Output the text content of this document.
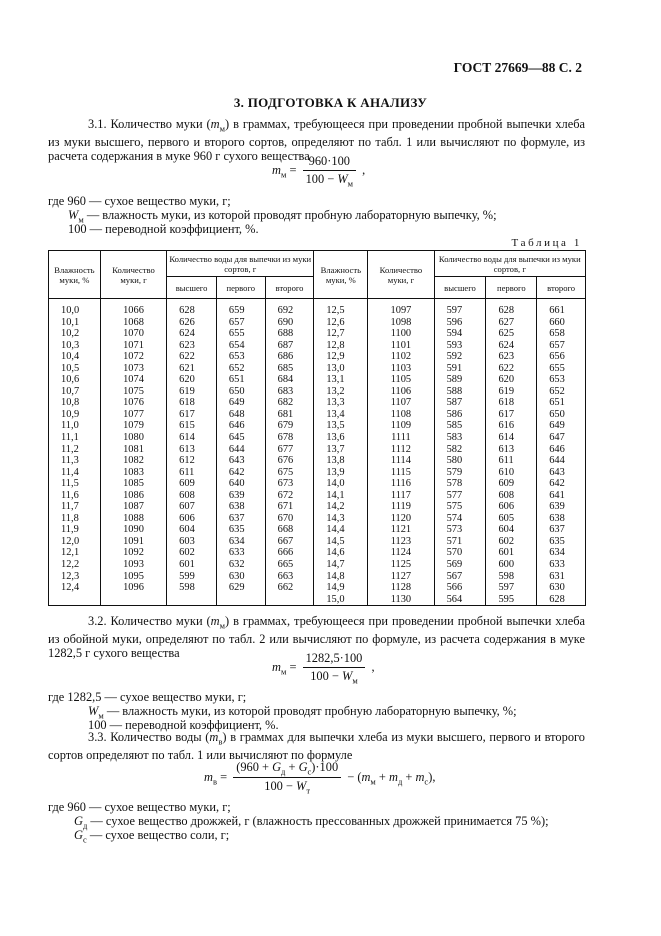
ГОСТ 27669—88 С. 2
3. ПОДГОТОВКА К АНАЛИЗУ
3.1. Количество муки $(m_м)$ в граммах, требующееся при проведении пробной выпечки хлеба из муки высшего, первого и второго сортов, определяют по табл. 1 или вычисляют по формуле, из расчета содержания в муке 960 г сухого вещества
$m_м = \frac{960\cdot 100}{100 - W_м}$ ,
где 960 — сухое вещество муки, г;
$W_м$ — влажность муки, из которой проводят пробную лабораторную выпечку, %;
100 — переводной коэффициент, %.
Таблица 1
Влажность муки, %	Количество муки, г	Количество воды для выпечки из муки сортов, г			Влажность муки, %	Количество муки, г	Количество воды для выпечки из муки сортов, г		
		высшего	первого	второго			высшего	первого	второго
10,0	1066	628	659	692	12,5	1097	597	628	661
10,1	1068	626	657	690	12,6	1098	596	627	660
10,2	1070	624	655	688	12,7	1100	594	625	658
10,3	1071	623	654	687	12,8	1101	593	624	657
10,4	1072	622	653	686	12,9	1102	592	623	656
10,5	1073	621	652	685	13,0	1103	591	622	655
10,6	1074	620	651	684	13,1	1105	589	620	653
10,7	1075	619	650	683	13,2	1106	588	619	652
10,8	1076	618	649	682	13,3	1107	587	618	651
10,9	1077	617	648	681	13,4	1108	586	617	650
11,0	1079	615	646	679	13,5	1109	585	616	649
11,1	1080	614	645	678	13,6	1111	583	614	647
11,2	1081	613	644	677	13,7	1112	582	613	646
11,3	1082	612	643	676	13,8	1114	580	611	644
11,4	1083	611	642	675	13,9	1115	579	610	643
11,5	1085	609	640	673	14,0	1116	578	609	642
11,6	1086	608	639	672	14,1	1117	577	608	641
11,7	1087	607	638	671	14,2	1119	575	606	639
11,8	1088	606	637	670	14,3	1120	574	605	638
11,9	1090	604	635	668	14,4	1121	573	604	637
12,0	1091	603	634	667	14,5	1123	571	602	635
12,1	1092	602	633	666	14,6	1124	570	601	634
12,2	1093	601	632	665	14,7	1125	569	600	633
12,3	1095	599	630	663	14,8	1127	567	598	631
12,4	1096	598	629	662	14,9	1128	566	597	630
					15,0	1130	564	595	628
3.2. Количество муки $(m_м)$ в граммах, требующееся при проведении пробной выпечки хлеба из обойной муки, определяют по табл. 2 или вычисляют по формуле, из расчета содержания в муке 1282,5 г сухого вещества
$m_м = \frac{1282,5\cdot 100}{100 - W_м}$ ,
где 1282,5 — сухое вещество муки, г;
$W_м$ — влажность муки, из которой проводят пробную лабораторную выпечку, %;
100 — переводной коэффициент, %.
3.3. Количество воды $(m_в)$ в граммах для выпечки хлеба из муки высшего, первого и второго сортов определяют по табл. 1 или вычисляют по формуле
$m_в = \frac{(960 + G_д + G_с)\cdot 100}{100 - W_т} - (m_м + m_д + m_с)$,
где 960 — сухое вещество муки, г;
$G_д$ — сухое вещество дрожжей, г (влажность прессованных дрожжей принимается 75 %);
$G_с$ — сухое вещество соли, г;
